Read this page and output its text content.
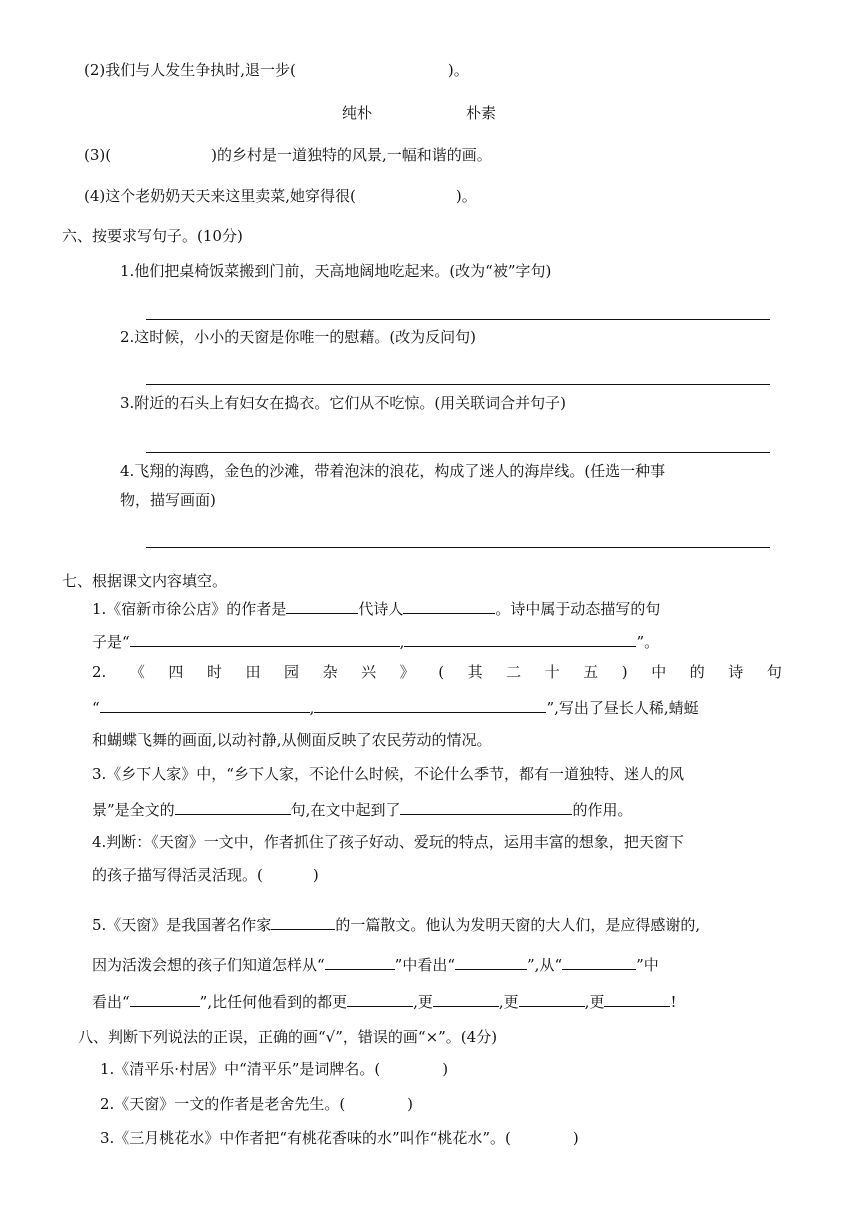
(2)我们与人发生争执时,退一步(	)。
纯朴	朴素
(3)(	)的乡村是一道独特的风景,一幅和谐的画。
(4)这个老奶奶天天来这里卖菜,她穿得很(	)。
六、按要求写句子。(10分)
1.他们把桌椅饭菜搬到门前，天高地阔地吃起来。(改为“被”字句)
2.这时候，小小的天窗是你唯一的慰藉。(改为反问句)
3.附近的石头上有妇女在捣衣。它们从不吃惊。(用关联词合并句子)
4.飞翔的海鸥，金色的沙滩，带着泡沫的浪花，构成了迷人的海岸线。(任选一种事
物，描写画面)
七、根据课文内容填空。
1.《宿新市徐公店》的作者是	代诗人	。诗中属于动态描写的句
子是“	,	”。
2. 《 四 时 田 园 杂 兴 》 ( 其 二 十 五 ) 中 的 诗 句
“	,	”,写出了昼长人稀,蜻蜓
和蝴蝶飞舞的画面,以动衬静,从侧面反映了农民劳动的情况。
3.《乡下人家》中，“乡下人家，不论什么时候，不论什么季节，都有一道独特、迷人的风
景”是全文的	句,在文中起到了	的作用。
4.判断：《天窗》一文中，作者抓住了孩子好动、爱玩的特点，运用丰富的想象，把天窗下
的孩子描写得活灵活现。(	)
5.《天窗》是我国著名作家	的一篇散文。他认为发明天窗的大人们，是应得感谢的,
因为活泼会想的孩子们知道怎样从“	”中看出“	”,从“	”中
看出“	”,比任何他看到的都更	,更	,更	,更	!
八、判断下列说法的正误，正确的画“√”，错误的画“×”。(4分)
1.《清平乐·村居》中“清平乐”是词牌名。(	)
2.《天窗》一文的作者是老舍先生。(	)
3.《三月桃花水》中作者把“有桃花香味的水”叫作“桃花水”。(	)
